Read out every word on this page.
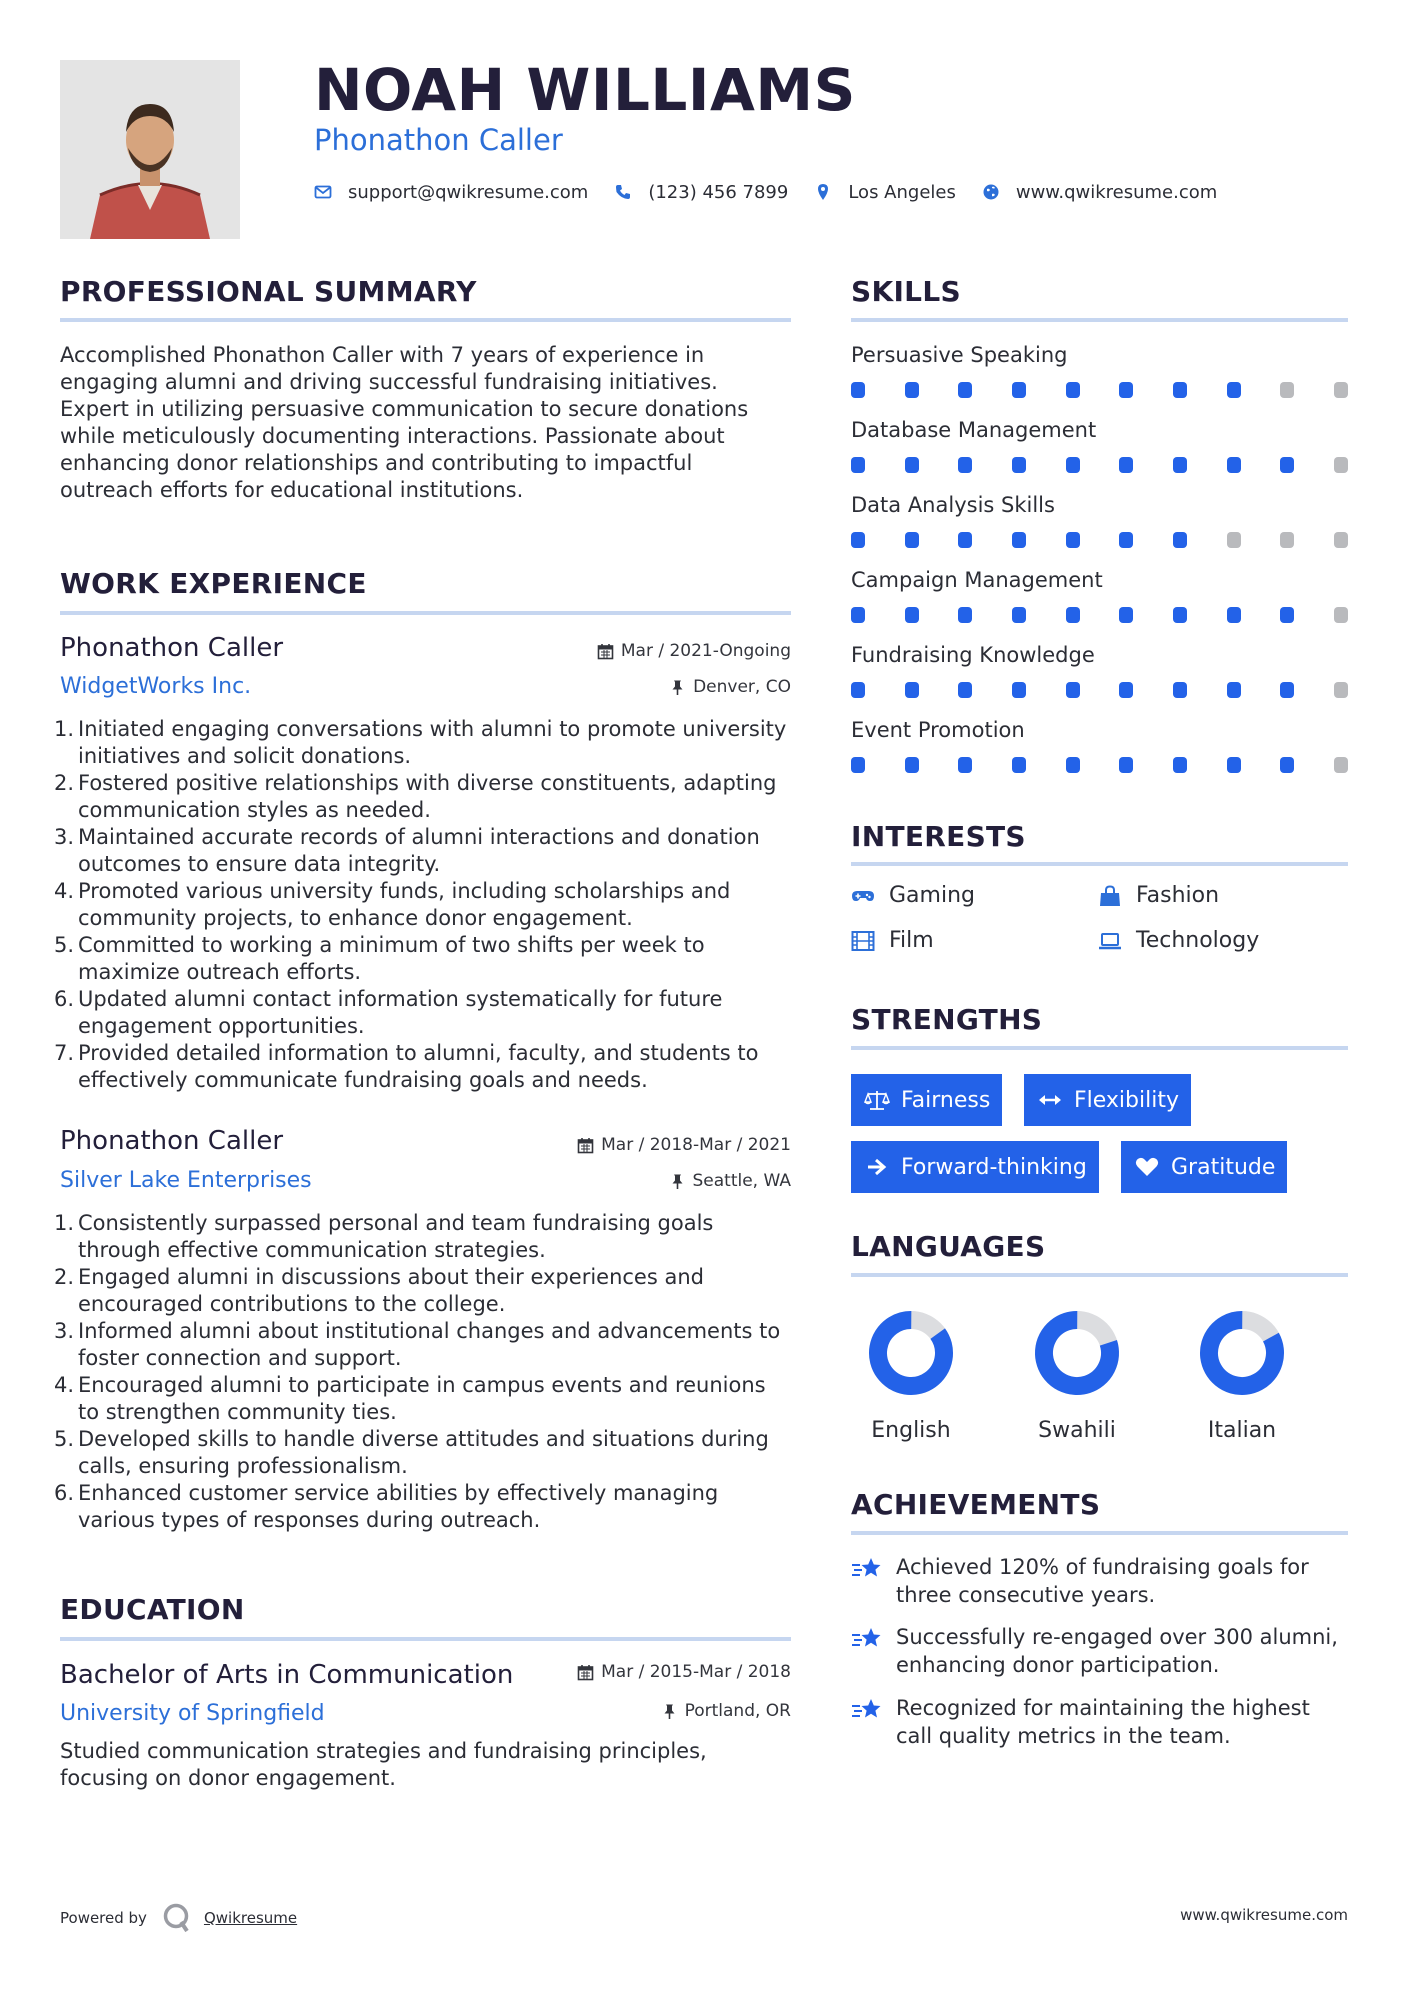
NOAH WILLIAMS
Phonathon Caller
support@qwikresume.com	(123) 456 7899	Los Angeles	www.qwikresume.com
PROFESSIONAL SUMMARY
Accomplished Phonathon Caller with 7 years of experience in engaging alumni and driving successful fundraising initiatives. Expert in utilizing persuasive communication to secure donations while meticulously documenting interactions. Passionate about enhancing donor relationships and contributing to impactful outreach efforts for educational institutions.
WORK EXPERIENCE
Phonathon Caller	Mar / 2021-Ongoing
WidgetWorks Inc.	Denver, CO
1. Initiated engaging conversations with alumni to promote university initiatives and solicit donations.
2. Fostered positive relationships with diverse constituents, adapting communication styles as needed.
3. Maintained accurate records of alumni interactions and donation outcomes to ensure data integrity.
4. Promoted various university funds, including scholarships and community projects, to enhance donor engagement.
5. Committed to working a minimum of two shifts per week to maximize outreach efforts.
6. Updated alumni contact information systematically for future engagement opportunities.
7. Provided detailed information to alumni, faculty, and students to effectively communicate fundraising goals and needs.
Phonathon Caller	Mar / 2018-Mar / 2021
Silver Lake Enterprises	Seattle, WA
1. Consistently surpassed personal and team fundraising goals through effective communication strategies.
2. Engaged alumni in discussions about their experiences and encouraged contributions to the college.
3. Informed alumni about institutional changes and advancements to foster connection and support.
4. Encouraged alumni to participate in campus events and reunions to strengthen community ties.
5. Developed skills to handle diverse attitudes and situations during calls, ensuring professionalism.
6. Enhanced customer service abilities by effectively managing various types of responses during outreach.
EDUCATION
Bachelor of Arts in Communication	Mar / 2015-Mar / 2018
University of Springfield	Portland, OR
Studied communication strategies and fundraising principles, focusing on donor engagement.
SKILLS
Persuasive Speaking
Database Management
Data Analysis Skills
Campaign Management
Fundraising Knowledge
Event Promotion
INTERESTS
Gaming	Fashion
Film	Technology
STRENGTHS
Fairness	Flexibility
Forward-thinking	Gratitude
LANGUAGES
English	Swahili	Italian
ACHIEVEMENTS
Achieved 120% of fundraising goals for three consecutive years.
Successfully re-engaged over 300 alumni, enhancing donor participation.
Recognized for maintaining the highest call quality metrics in the team.
Powered by	Qwikresume	www.qwikresume.com
